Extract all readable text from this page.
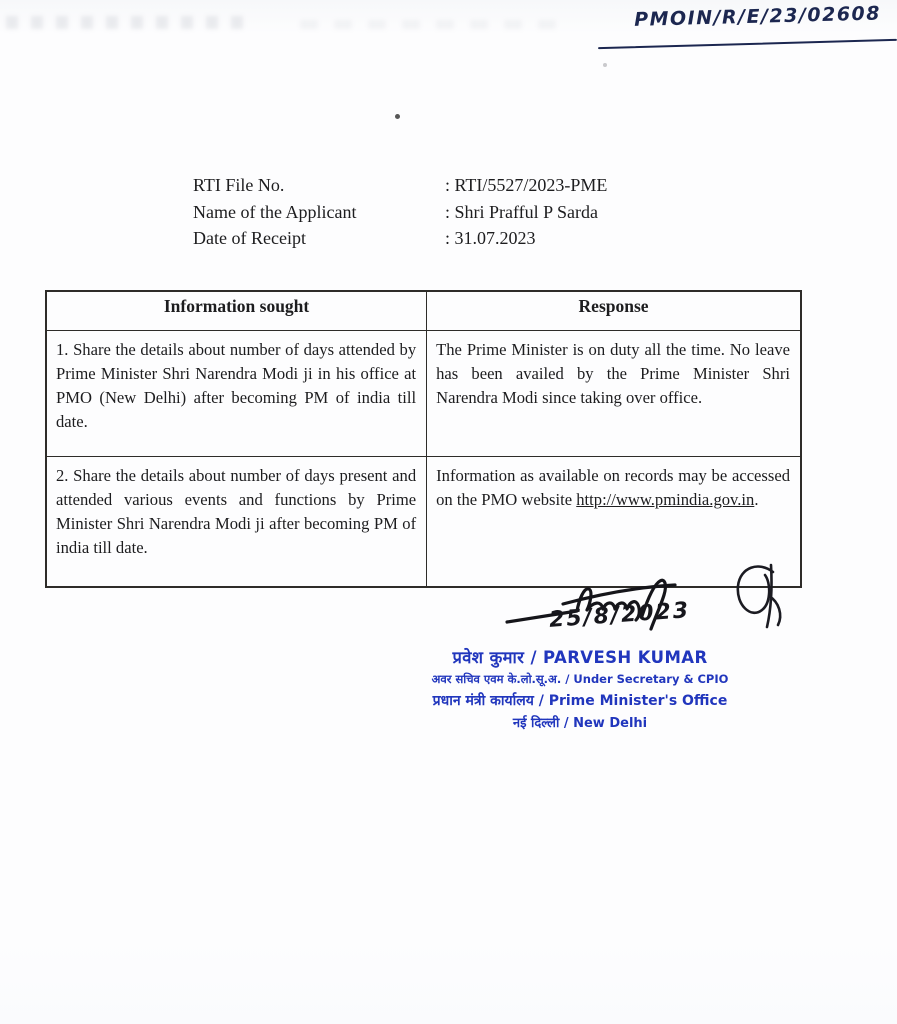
PMOIN/R/E/23/02608
RTI File No.	: RTI/5527/2023-PME
Name of the Applicant	: Shri Prafful P Sarda
Date of Receipt	: 31.07.2023
Information sought	Response
1. Share the details about number of days attended by Prime Minister Shri Narendra Modi ji in his office at PMO (New Delhi) after becoming PM of india till date.	The Prime Minister is on duty all the time. No leave has been availed by the Prime Minister Shri Narendra Modi since taking over office.
2. Share the details about number of days present and attended various events and functions by Prime Minister Shri Narendra Modi ji after becoming PM of india till date.	Information as available on records may be accessed on the PMO website http://www.pmindia.gov.in.
25/8/2023
प्रवेश कुमार / PARVESH KUMAR
अवर सचिव एवम के.लो.सू.अ. / Under Secretary & CPIO
प्रधान मंत्री कार्यालय / Prime Minister's Office
नई दिल्ली / New Delhi
